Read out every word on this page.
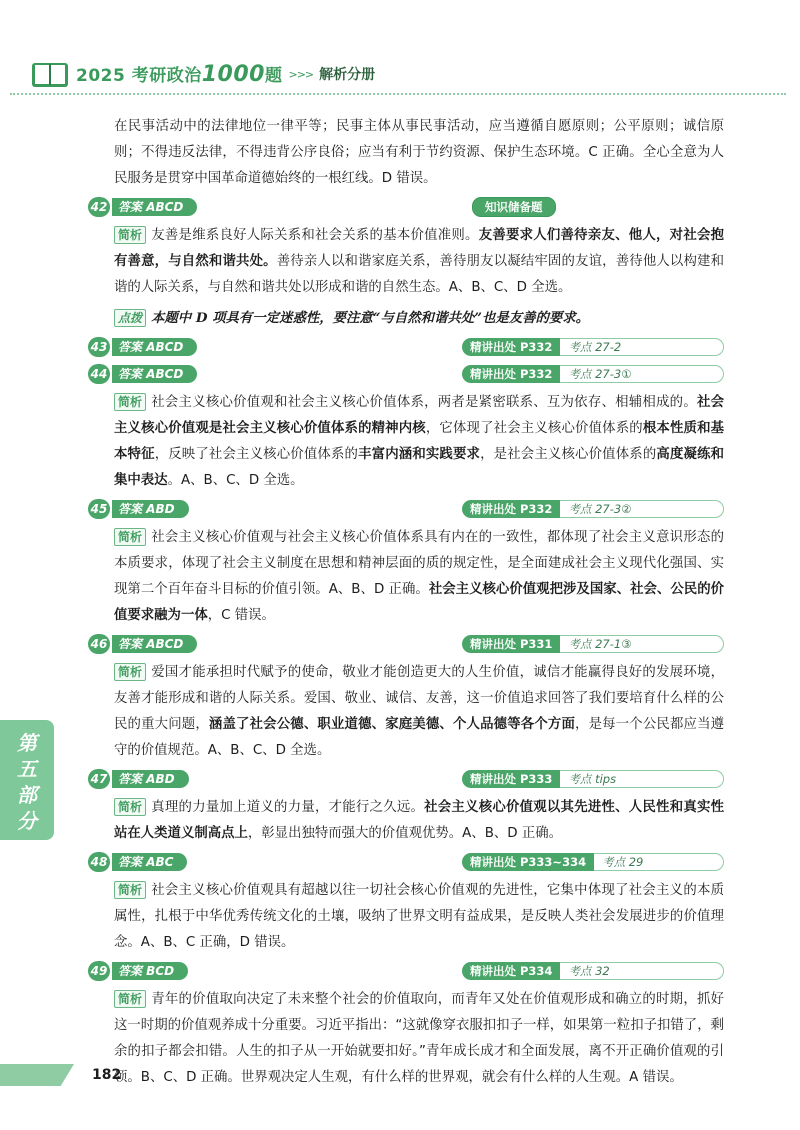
2025 考研政治1000题 >>> 解析分册

在民事活动中的法律地位一律平等；民事主体从事民事活动，应当遵循自愿原则；公平原则；诚信原则；不得违反法律，不得违背公序良俗；应当有利于节约资源、保护生态环境。C 正确。全心全意为人民服务是贯穿中国革命道德始终的一根红线。D 错误。

42 答案 ABCD	知识储备题

简析 友善是维系良好人际关系和社会关系的基本价值准则。友善要求人们善待亲友、他人，对社会抱有善意，与自然和谐共处。善待亲人以和谐家庭关系，善待朋友以凝结牢固的友谊，善待他人以构建和谐的人际关系，与自然和谐共处以形成和谐的自然生态。A、B、C、D 全选。

点拨 本题中 D 项具有一定迷惑性，要注意“与自然和谐共处”也是友善的要求。

43 答案 ABCD	精讲出处 P332	考点 27-2
44 答案 ABCD	精讲出处 P332	考点 27-3①

简析 社会主义核心价值观和社会主义核心价值体系，两者是紧密联系、互为依存、相辅相成的。社会主义核心价值观是社会主义核心价值体系的精神内核，它体现了社会主义核心价值体系的根本性质和基本特征，反映了社会主义核心价值体系的丰富内涵和实践要求，是社会主义核心价值体系的高度凝练和集中表达。A、B、C、D 全选。

45 答案 ABD	精讲出处 P332	考点 27-3②

简析 社会主义核心价值观与社会主义核心价值体系具有内在的一致性，都体现了社会主义意识形态的本质要求，体现了社会主义制度在思想和精神层面的质的规定性，是全面建成社会主义现代化强国、实现第二个百年奋斗目标的价值引领。A、B、D 正确。社会主义核心价值观把涉及国家、社会、公民的价值要求融为一体，C 错误。

46 答案 ABCD	精讲出处 P331	考点 27-1③

简析 爱国才能承担时代赋予的使命，敬业才能创造更大的人生价值，诚信才能赢得良好的发展环境，友善才能形成和谐的人际关系。爱国、敬业、诚信、友善，这一价值追求回答了我们要培育什么样的公民的重大问题，涵盖了社会公德、职业道德、家庭美德、个人品德等各个方面，是每一个公民都应当遵守的价值规范。A、B、C、D 全选。

47 答案 ABD	精讲出处 P333	考点 tips

简析 真理的力量加上道义的力量，才能行之久远。社会主义核心价值观以其先进性、人民性和真实性站在人类道义制高点上，彰显出独特而强大的价值观优势。A、B、D 正确。

48 答案 ABC	精讲出处 P333~334	考点 29

简析 社会主义核心价值观具有超越以往一切社会核心价值观的先进性，它集中体现了社会主义的本质属性，扎根于中华优秀传统文化的土壤，吸纳了世界文明有益成果，是反映人类社会发展进步的价值理念。A、B、C 正确，D 错误。

49 答案 BCD	精讲出处 P334	考点 32

简析 青年的价值取向决定了未来整个社会的价值取向，而青年又处在价值观形成和确立的时期，抓好这一时期的价值观养成十分重要。习近平指出：“这就像穿衣服扣扣子一样，如果第一粒扣子扣错了，剩余的扣子都会扣错。人生的扣子从一开始就要扣好。”青年成长成才和全面发展，离不开正确价值观的引领。B、C、D 正确。世界观决定人生观，有什么样的世界观，就会有什么样的人生观。A 错误。

第五部分
182
